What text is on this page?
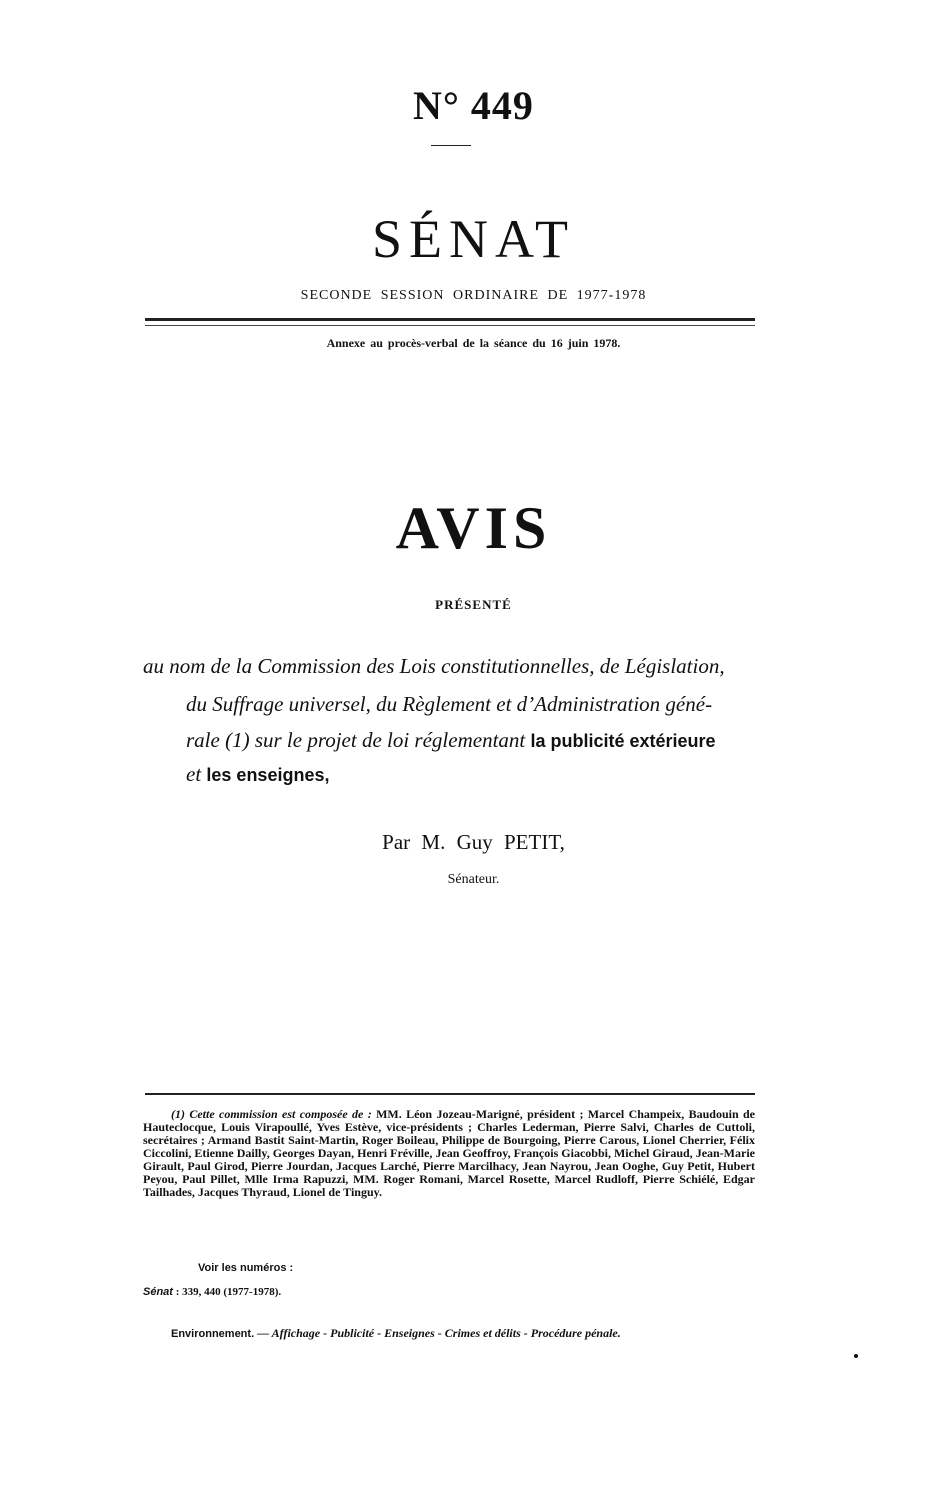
N° 449
SÉNAT
SECONDE SESSION ORDINAIRE DE 1977-1978
Annexe au procès-verbal de la séance du 16 juin 1978.
AVIS
PRÉSENTÉ
au nom de la Commission des Lois constitutionnelles, de Législation,
du Suffrage universel, du Règlement et d’Administration géné-
rale (1) sur le projet de loi réglementant la publicité extérieure
et les enseignes,
Par M. Guy PETIT,
Sénateur.
(1) Cette commission est composée de : MM. Léon Jozeau-Marigné, président ; Marcel Champeix, Baudouin de Hauteclocque, Louis Virapoullé, Yves Estève, vice-présidents ; Charles Lederman, Pierre Salvi, Charles de Cuttoli, secrétaires ; Armand Bastit Saint-Martin, Roger Boileau, Philippe de Bourgoing, Pierre Carous, Lionel Cherrier, Félix Ciccolini, Etienne Dailly, Georges Dayan, Henri Fréville, Jean Geoffroy, François Giacobbi, Michel Giraud, Jean-Marie Girault, Paul Girod, Pierre Jourdan, Jacques Larché, Pierre Marcilhacy, Jean Nayrou, Jean Ooghe, Guy Petit, Hubert Peyou, Paul Pillet, Mlle Irma Rapuzzi, MM. Roger Romani, Marcel Rosette, Marcel Rudloff, Pierre Schiélé, Edgar Tailhades, Jacques Thyraud, Lionel de Tinguy.
Voir les numéros :
Sénat : 339, 440 (1977-1978).
Environnement. — Affichage - Publicité - Enseignes - Crimes et délits - Procédure pénale.
